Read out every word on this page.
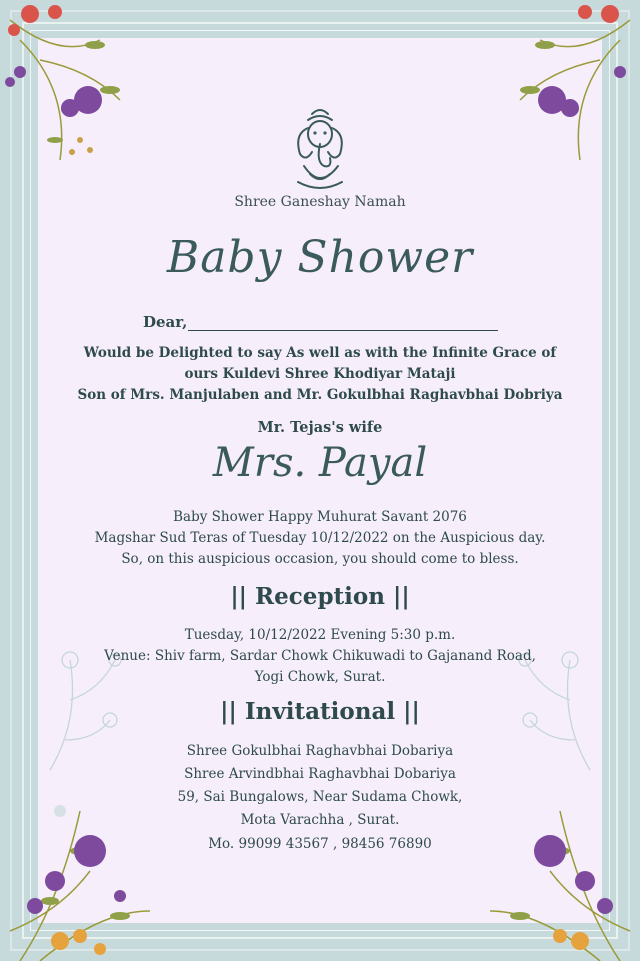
Shree Ganeshay Namah
Baby Shower
Dear,
Would be Delighted to say As well as with the Infinite Grace of
ours Kuldevi Shree Khodiyar Mataji
Son of Mrs. Manjulaben and Mr. Gokulbhai Raghavbhai Dobriya
Mr. Tejas's wife
Mrs. Payal
Baby Shower Happy Muhurat Savant 2076
Magshar Sud Teras of Tuesday 10/12/2022 on the Auspicious day.
So, on this auspicious occasion, you should come to bless.
|| Reception ||
Tuesday, 10/12/2022 Evening 5:30 p.m.
Venue: Shiv farm, Sardar Chowk Chikuwadi to Gajanand Road,
Yogi Chowk, Surat.
|| Invitational ||
Shree Gokulbhai Raghavbhai Dobariya
Shree Arvindbhai Raghavbhai Dobariya
59, Sai Bungalows, Near Sudama Chowk,
Mota Varachha , Surat.
Mo. 99099 43567 , 98456 76890
